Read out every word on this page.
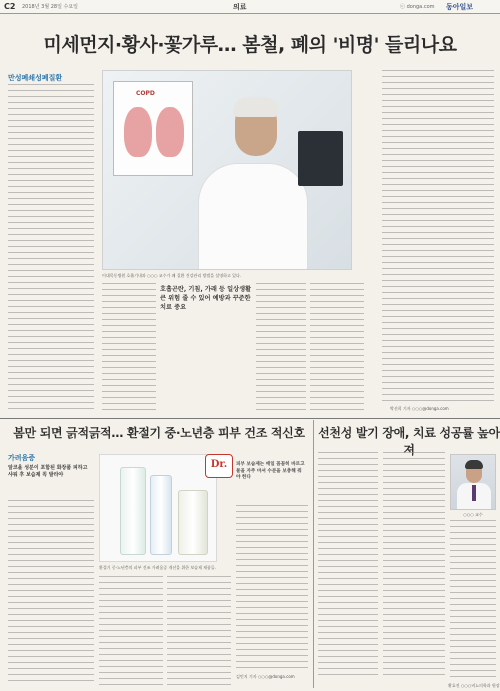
C2 2018년 3월 28일 수요일	의료	ⓒ donga.com 동아일보
미세먼지·황사·꽃가루… 봄철, 폐의 '비명' 들리나요
만성폐쇄성폐질환
COPD
이대목동병원 호흡기내과 ○○○ 교수가 폐 질환 건강관리 방법을 설명하고 있다.
호흡곤란, 기침, 가래 등 일상생활 큰 위험 줄 수 있어 예방과 꾸준한 치료 중요
박선희 기자 ○○○@donga.com
봄만 되면 긁적긁적… 환절기 중·노년층 피부 건조 적신호
가려움증
알코올 성분이 포함된 화장품 피하고 샤워 후 보습제 꼭 발라야
Dr.
환절기 중·노년층의 피부 건조 가려움증 개선을 위한 보습제 제품들.
피부 보습제는 매일 꼼꼼히 바르고 물을 자주 마셔 수분을 보충해 줘야 한다
김민지 기자 ○○○@donga.com
선천성 발기 장애, 치료 성공률 높아져
○○○ 교수
황효진 ○○○비뇨의학과 원장
